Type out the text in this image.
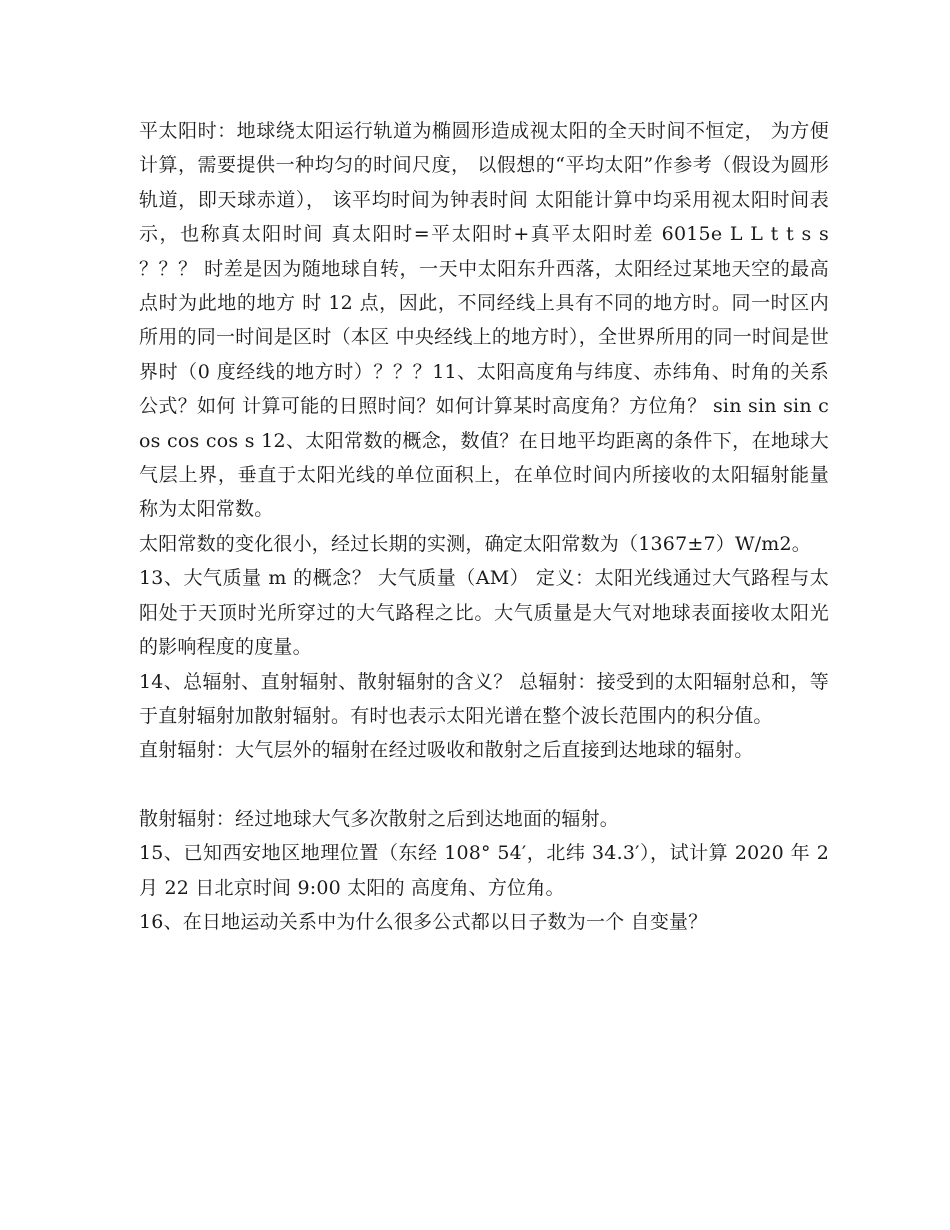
平太阳时：地球绕太阳运行轨道为椭圆形造成视太阳的全天时间不恒定， 为方便计算，需要提供一种均匀的时间尺度， 以假想的“平均太阳”作参考（假设为圆形轨道，即天球赤道）， 该平均时间为钟表时间 太阳能计算中均采用视太阳时间表示，也称真太阳时间 真太阳时=平太阳时+真平太阳时差 6015e L L t t s s ？？？ 时差是因为随地球自转，一天中太阳东升西落，太阳经过某地天空的最高点时为此地的地方 时 12 点，因此，不同经线上具有不同的地方时。同一时区内所用的同一时间是区时（本区 中央经线上的地方时），全世界所用的同一时间是世界时（0 度经线的地方时）？？？11、太阳高度角与纬度、赤纬角、时角的关系公式？如何 计算可能的日照时间？如何计算某时高度角？方位角？ sin sin sin cos cos cos s 12、太阳常数的概念，数值？在日地平均距离的条件下，在地球大气层上界，垂直于太阳光线的单位面积上，在单位时间内所接收的太阳辐射能量称为太阳常数。

太阳常数的变化很小，经过长期的实测，确定太阳常数为（1367±7）W/m2。

13、大气质量 m 的概念？ 大气质量（AM） 定义：太阳光线通过大气路程与太阳处于天顶时光所穿过的大气路程之比。大气质量是大气对地球表面接收太阳光的影响程度的度量。

14、总辐射、直射辐射、散射辐射的含义？ 总辐射：接受到的太阳辐射总和，等于直射辐射加散射辐射。有时也表示太阳光谱在整个波长范围内的积分值。

直射辐射：大气层外的辐射在经过吸收和散射之后直接到达地球的辐射。

散射辐射：经过地球大气多次散射之后到达地面的辐射。

15、已知西安地区地理位置（东经 108° 54′，北纬 34.3′），试计算 2020 年 2 月 22 日北京时间 9:00 太阳的 高度角、方位角。

16、在日地运动关系中为什么很多公式都以日子数为一个 自变量？
